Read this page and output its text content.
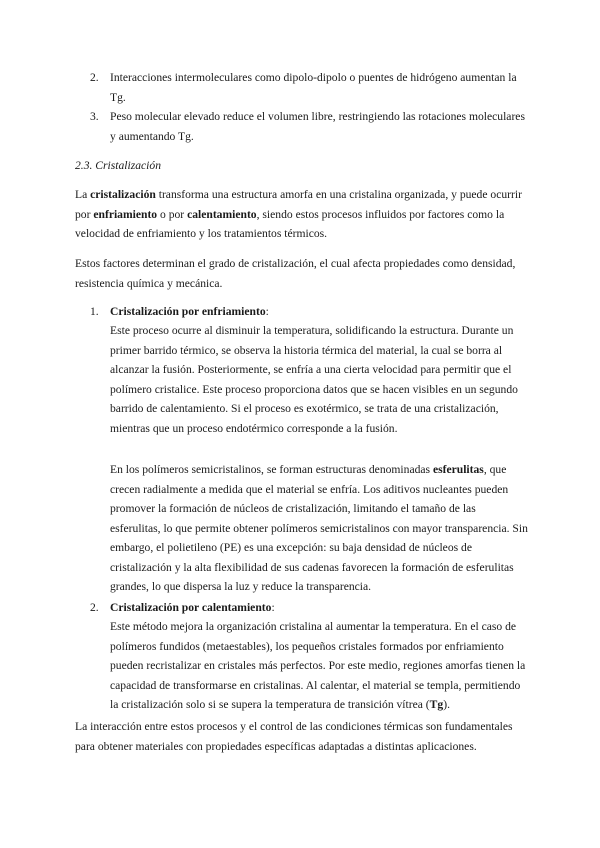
2. Interacciones intermoleculares como dipolo-dipolo o puentes de hidrógeno aumentan la Tg.

3. Peso molecular elevado reduce el volumen libre, restringiendo las rotaciones moleculares y aumentando Tg.

2.3. Cristalización

La cristalización transforma una estructura amorfa en una cristalina organizada, y puede ocurrir por enfriamiento o por calentamiento, siendo estos procesos influidos por factores como la velocidad de enfriamiento y los tratamientos térmicos.

Estos factores determinan el grado de cristalización, el cual afecta propiedades como densidad, resistencia química y mecánica.

1. Cristalización por enfriamiento:

Este proceso ocurre al disminuir la temperatura, solidificando la estructura. Durante un primer barrido térmico, se observa la historia térmica del material, la cual se borra al alcanzar la fusión. Posteriormente, se enfría a una cierta velocidad para permitir que el polímero cristalice. Este proceso proporciona datos que se hacen visibles en un segundo barrido de calentamiento. Si el proceso es exotérmico, se trata de una cristalización, mientras que un proceso endotérmico corresponde a la fusión.

En los polímeros semicristalinos, se forman estructuras denominadas esferulitas, que crecen radialmente a medida que el material se enfría. Los aditivos nucleantes pueden promover la formación de núcleos de cristalización, limitando el tamaño de las esferulitas, lo que permite obtener polímeros semicristalinos con mayor transparencia. Sin embargo, el polietileno (PE) es una excepción: su baja densidad de núcleos de cristalización y la alta flexibilidad de sus cadenas favorecen la formación de esferulitas grandes, lo que dispersa la luz y reduce la transparencia.

2. Cristalización por calentamiento:

Este método mejora la organización cristalina al aumentar la temperatura. En el caso de polímeros fundidos (metaestables), los pequeños cristales formados por enfriamiento pueden recristalizar en cristales más perfectos. Por este medio, regiones amorfas tienen la capacidad de transformarse en cristalinas. Al calentar, el material se templa, permitiendo la cristalización solo si se supera la temperatura de transición vítrea (Tg).

La interacción entre estos procesos y el control de las condiciones térmicas son fundamentales para obtener materiales con propiedades específicas adaptadas a distintas aplicaciones.
